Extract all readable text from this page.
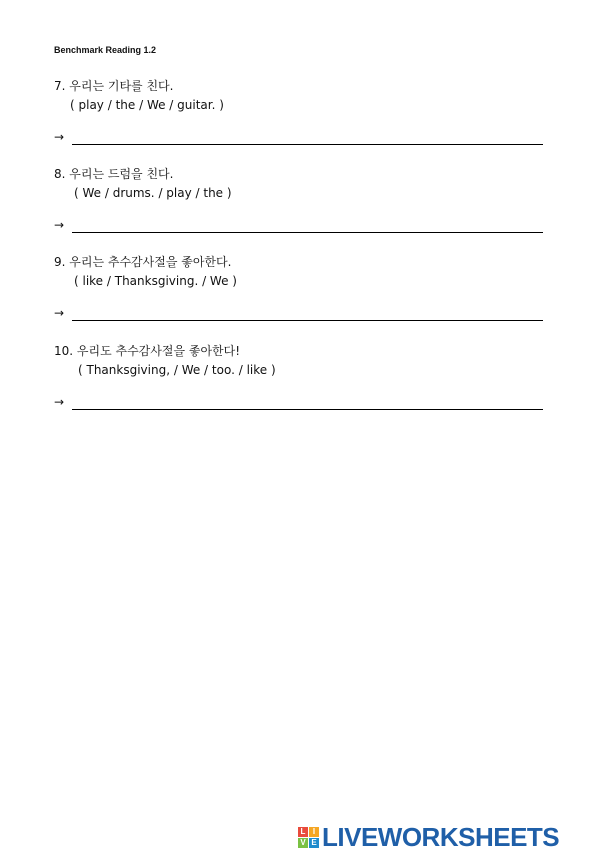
Benchmark Reading 1.2
7. 우리는 기타를 친다.
( play / the / We / guitar. )
→
8. 우리는 드럼을 친다.
( We / drums. / play / the )
→
9. 우리는 추수감사절을 좋아한다.
( like / Thanksgiving. / We )
→
10. 우리도 추수감사절을 좋아한다!
( Thanksgiving, / We / too. / like )
→
L I
V E LIVEWORKSHEETS
